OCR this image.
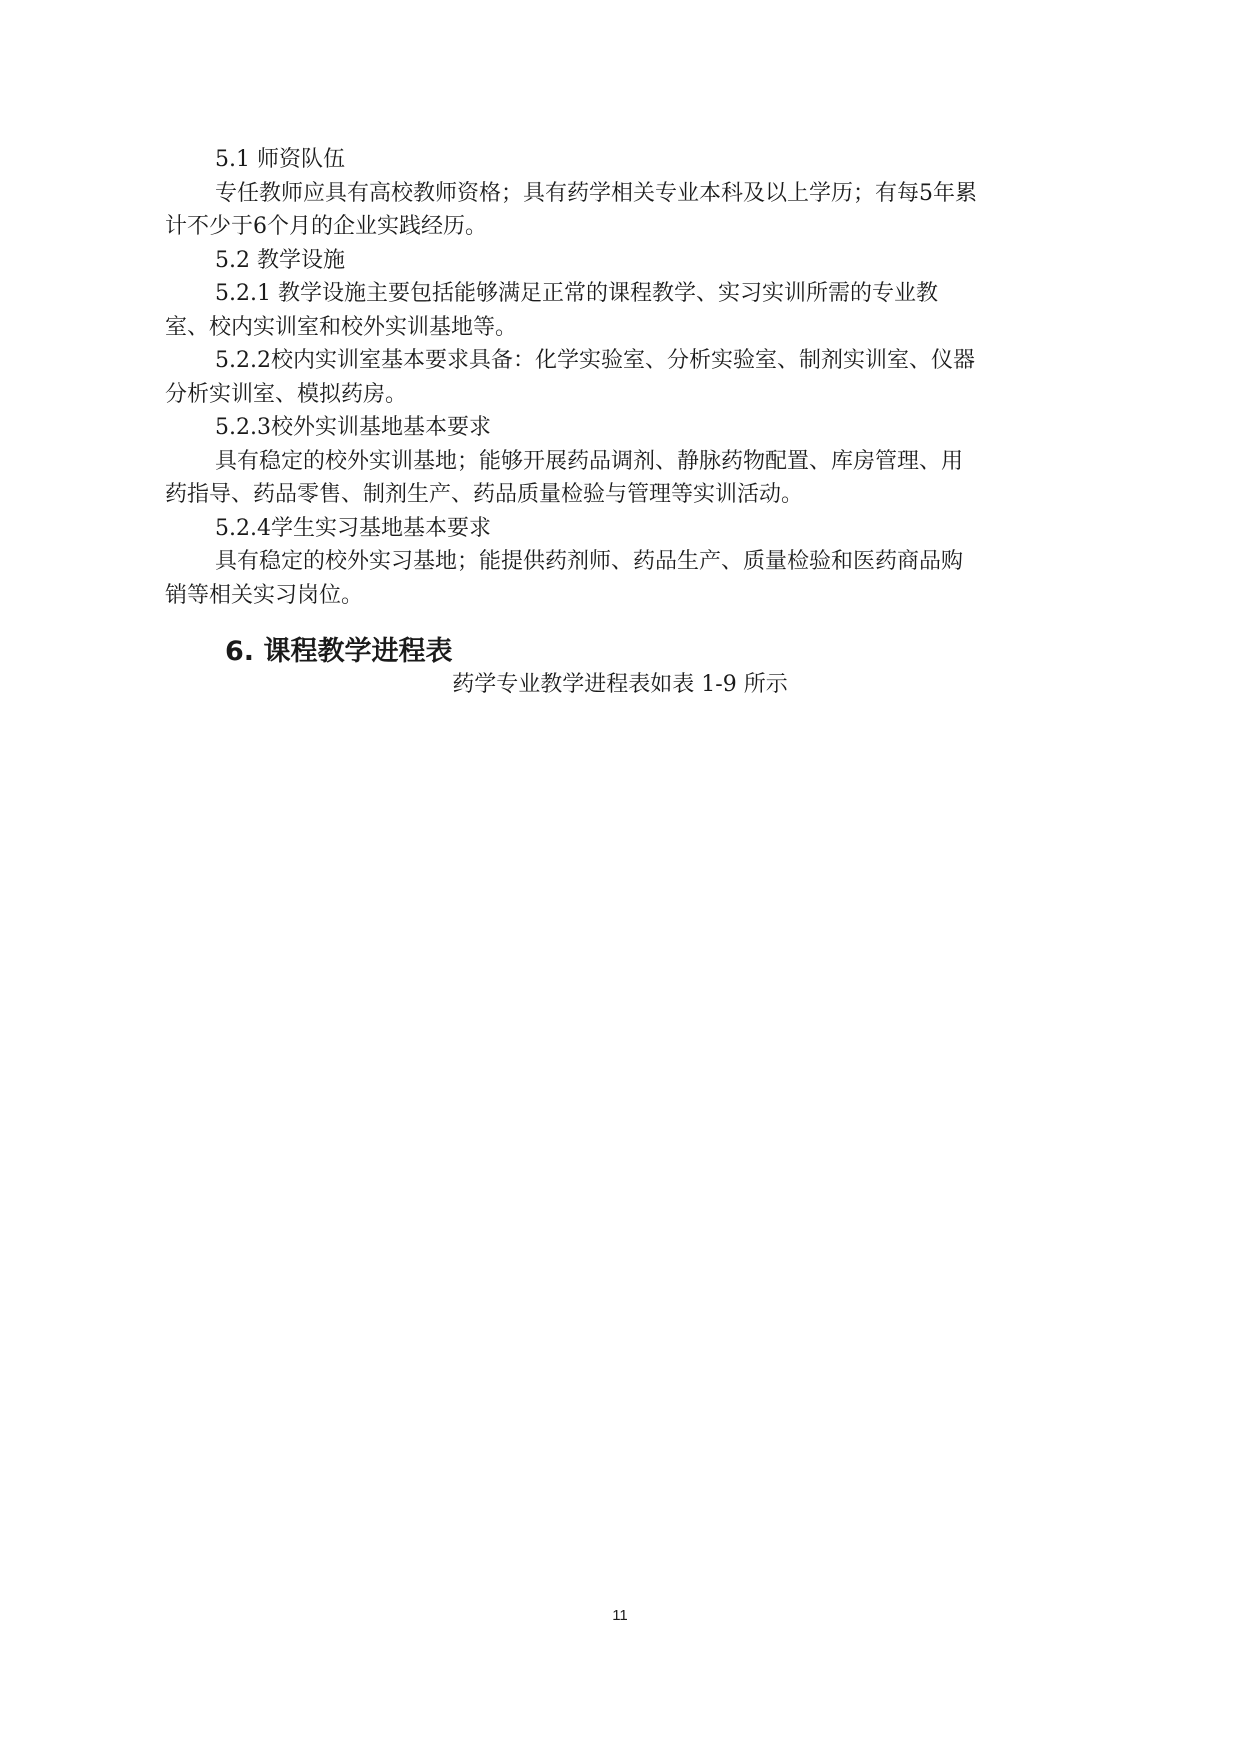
5.1 师资队伍

专任教师应具有高校教师资格；具有药学相关专业本科及以上学历；有每5年累

计不少于6个月的企业实践经历。

5.2 教学设施

5.2.1 教学设施主要包括能够满足正常的课程教学、实习实训所需的专业教

室、校内实训室和校外实训基地等。

5.2.2校内实训室基本要求具备：化学实验室、分析实验室、制剂实训室、仪器

分析实训室、模拟药房。

5.2.3校外实训基地基本要求

具有稳定的校外实训基地；能够开展药品调剂、静脉药物配置、库房管理、用

药指导、药品零售、制剂生产、药品质量检验与管理等实训活动。

5.2.4学生实习基地基本要求

具有稳定的校外实习基地；能提供药剂师、药品生产、质量检验和医药商品购

销等相关实习岗位。

6. 课程教学进程表

药学专业教学进程表如表 1-9 所示

11
